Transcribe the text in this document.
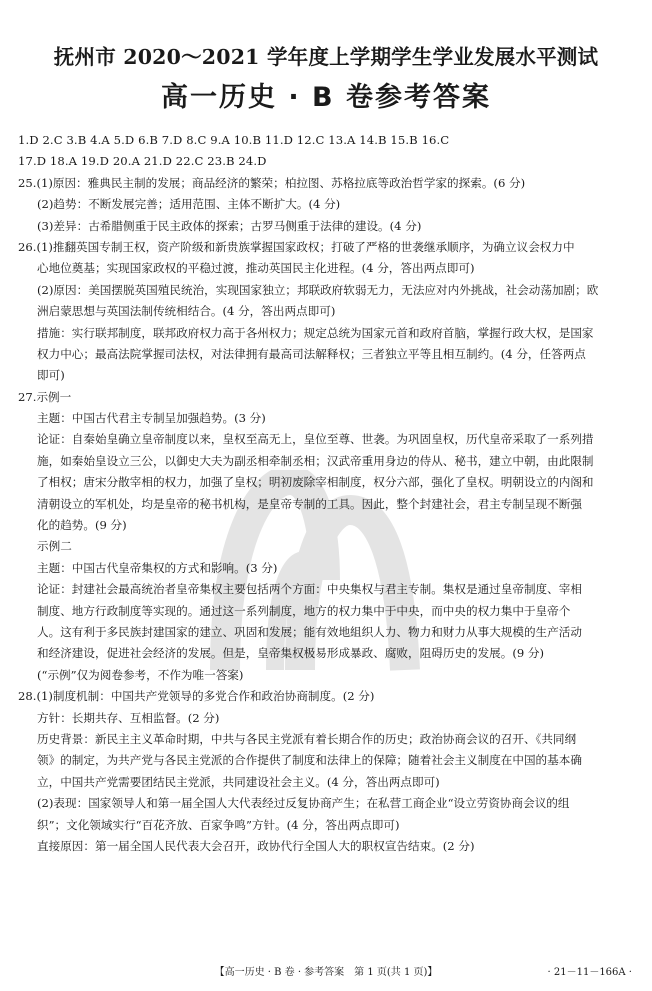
抚州市 2020～2021 学年度上学期学生学业发展水平测试
高一历史 · B 卷参考答案
1.D 2.C 3.B 4.A 5.D 6.B 7.D 8.C 9.A 10.B 11.D 12.C 13.A 14.B 15.B 16.C
17.D 18.A 19.D 20.A 21.D 22.C 23.B 24.D
25.(1)原因：雅典民主制的发展；商品经济的繁荣；柏拉图、苏格拉底等政治哲学家的探索。(6 分)
(2)趋势：不断发展完善；适用范围、主体不断扩大。(4 分)
(3)差异：古希腊侧重于民主政体的探索；古罗马侧重于法律的建设。(4 分)
26.(1)推翻英国专制王权，资产阶级和新贵族掌握国家政权；打破了严格的世袭继承顺序，为确立议会权力中
心地位奠基；实现国家政权的平稳过渡，推动英国民主化进程。(4 分，答出两点即可)
(2)原因：美国摆脱英国殖民统治，实现国家独立；邦联政府软弱无力，无法应对内外挑战，社会动荡加剧；欧
洲启蒙思想与英国法制传统相结合。(4 分，答出两点即可)
措施：实行联邦制度，联邦政府权力高于各州权力；规定总统为国家元首和政府首脑，掌握行政大权，是国家
权力中心；最高法院掌握司法权，对法律拥有最高司法解释权；三者独立平等且相互制约。(4 分，任答两点
即可)
27.示例一
主题：中国古代君主专制呈加强趋势。(3 分)
论证：自秦始皇确立皇帝制度以来，皇权至高无上，皇位至尊、世袭。为巩固皇权，历代皇帝采取了一系列措
施，如秦始皇设立三公，以御史大夫为副丞相牵制丞相；汉武帝重用身边的侍从、秘书，建立中朝，由此限制
了相权；唐宋分散宰相的权力，加强了皇权；明初废除宰相制度，权分六部，强化了皇权。明朝设立的内阁和
清朝设立的军机处，均是皇帝的秘书机构，是皇帝专制的工具。因此，整个封建社会，君主专制呈现不断强
化的趋势。(9 分)
示例二
主题：中国古代皇帝集权的方式和影响。(3 分)
论证：封建社会最高统治者皇帝集权主要包括两个方面：中央集权与君主专制。集权是通过皇帝制度、宰相
制度、地方行政制度等实现的。通过这一系列制度，地方的权力集中于中央，而中央的权力集中于皇帝个
人。这有利于多民族封建国家的建立、巩固和发展；能有效地組织人力、物力和财力从事大规模的生产活动
和经济建设，促进社会经济的发展。但是，皇帝集权极易形成暴政、腐败，阻碍历史的发展。(9 分)
(“示例”仅为阅卷参考，不作为唯一答案)
28.(1)制度机制：中国共产党领导的多党合作和政治协商制度。(2 分)
方针：长期共存、互相监督。(2 分)
历史背景：新民主主义革命时期，中共与各民主党派有着长期合作的历史；政治协商会议的召开、《共同纲
领》的制定，为共产党与各民主党派的合作提供了制度和法律上的保障；随着社会主义制度在中国的基本确
立，中国共产党需要团结民主党派，共同建设社会主义。(4 分，答出两点即可)
(2)表现：国家领导人和第一届全国人大代表经过反复协商产生；在私营工商企业“设立劳资协商会议的组
织”；文化领域实行“百花齐放、百家争鸣”方针。(4 分，答出两点即可)
直接原因：第一届全国人民代表大会召开，政协代行全国人大的职权宣告结束。(2 分)
【高一历史 · B 卷 · 参考答案　第 1 页(共 1 页)】	· 21－11－166A ·
